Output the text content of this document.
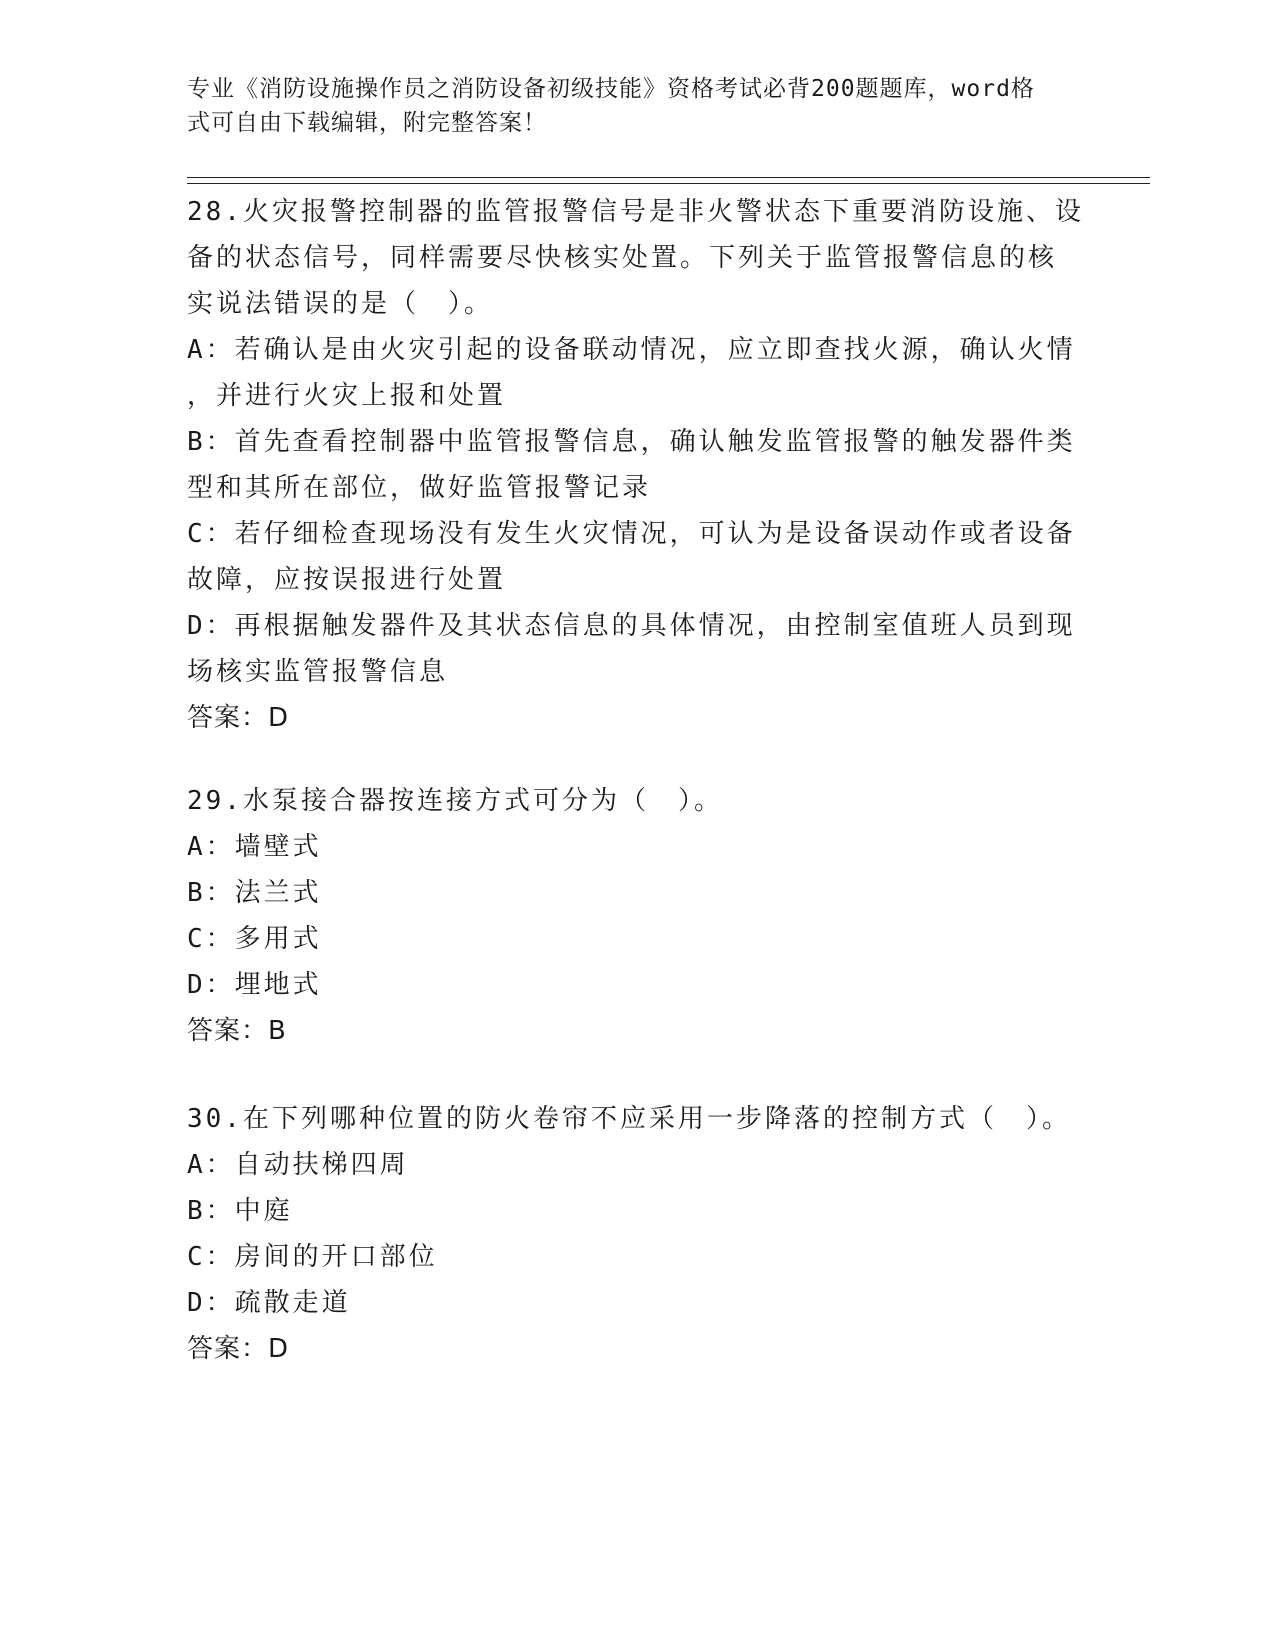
专业《消防设施操作员之消防设备初级技能》资格考试必背200题题库，word格
式可自由下载编辑，附完整答案！
28.火灾报警控制器的监管报警信号是非火警状态下重要消防设施、设
备的状态信号，同样需要尽快核实处置。下列关于监管报警信息的核
实说法错误的是（　）。
A：若确认是由火灾引起的设备联动情况，应立即查找火源，确认火情
，并进行火灾上报和处置
B：首先查看控制器中监管报警信息，确认触发监管报警的触发器件类
型和其所在部位，做好监管报警记录
C：若仔细检查现场没有发生火灾情况，可认为是设备误动作或者设备
故障，应按误报进行处置
D：再根据触发器件及其状态信息的具体情况，由控制室值班人员到现
场核实监管报警信息
答案：D
29.水泵接合器按连接方式可分为（　）。
A：墙壁式
B：法兰式
C：多用式
D：埋地式
答案：B
30.在下列哪种位置的防火卷帘不应采用一步降落的控制方式（　）。
A：自动扶梯四周
B：中庭
C：房间的开口部位
D：疏散走道
答案：D
